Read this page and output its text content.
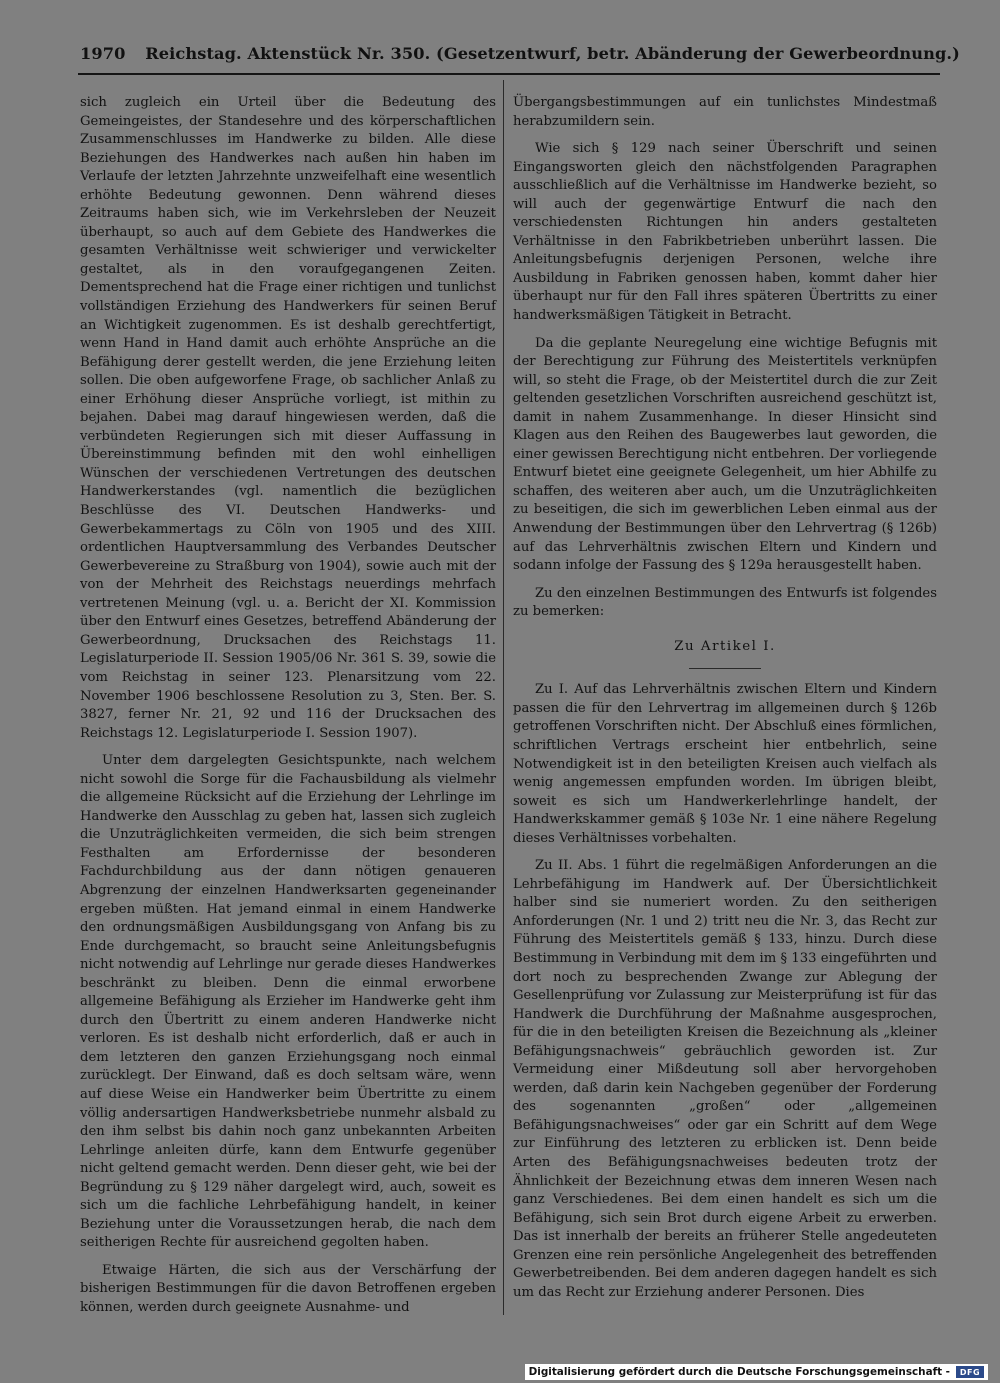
1970 Reichstag. Aktenstück Nr. 350. (Gesetzentwurf, betr. Abänderung der Gewerbeordnung.)

sich zugleich ein Urteil über die Bedeutung des Gemeingeistes, der Standesehre und des körperschaftlichen Zusammenschlusses im Handwerke zu bilden. Alle diese Beziehungen des Handwerkes nach außen hin haben im Verlaufe der letzten Jahrzehnte unzweifelhaft eine wesentlich erhöhte Bedeutung gewonnen. Denn während dieses Zeitraums haben sich, wie im Verkehrsleben der Neuzeit überhaupt, so auch auf dem Gebiete des Handwerkes die gesamten Verhältnisse weit schwieriger und verwickelter gestaltet, als in den voraufgegangenen Zeiten. Dementsprechend hat die Frage einer richtigen und tunlichst vollständigen Erziehung des Handwerkers für seinen Beruf an Wichtigkeit zugenommen. Es ist deshalb gerechtfertigt, wenn Hand in Hand damit auch erhöhte Ansprüche an die Befähigung derer gestellt werden, die jene Erziehung leiten sollen. Die oben aufgeworfene Frage, ob sachlicher Anlaß zu einer Erhöhung dieser Ansprüche vorliegt, ist mithin zu bejahen. Dabei mag darauf hingewiesen werden, daß die verbündeten Regierungen sich mit dieser Auffassung in Übereinstimmung befinden mit den wohl einhelligen Wünschen der verschiedenen Vertretungen des deutschen Handwerkerstandes (vgl. namentlich die bezüglichen Beschlüsse des VI. Deutschen Handwerks- und Gewerbekammertags zu Cöln von 1905 und des XIII. ordentlichen Hauptversammlung des Verbandes Deutscher Gewerbevereine zu Straßburg von 1904), sowie auch mit der von der Mehrheit des Reichstags neuerdings mehrfach vertretenen Meinung (vgl. u. a. Bericht der XI. Kommission über den Entwurf eines Gesetzes, betreffend Abänderung der Gewerbeordnung, Drucksachen des Reichstags 11. Legislaturperiode II. Session 1905/06 Nr. 361 S. 39, sowie die vom Reichstag in seiner 123. Plenarsitzung vom 22. November 1906 beschlossene Resolution zu 3, Sten. Ber. S. 3827, ferner Nr. 21, 92 und 116 der Drucksachen des Reichstags 12. Legislaturperiode I. Session 1907).

Unter dem dargelegten Gesichtspunkte, nach welchem nicht sowohl die Sorge für die Fachausbildung als vielmehr die allgemeine Rücksicht auf die Erziehung der Lehrlinge im Handwerke den Ausschlag zu geben hat, lassen sich zugleich die Unzuträglichkeiten vermeiden, die sich beim strengen Festhalten am Erfordernisse der besonderen Fachdurchbildung aus der dann nötigen genaueren Abgrenzung der einzelnen Handwerksarten gegeneinander ergeben müßten. Hat jemand einmal in einem Handwerke den ordnungsmäßigen Ausbildungsgang von Anfang bis zu Ende durchgemacht, so braucht seine Anleitungsbefugnis nicht notwendig auf Lehrlinge nur gerade dieses Handwerkes beschränkt zu bleiben. Denn die einmal erworbene allgemeine Befähigung als Erzieher im Handwerke geht ihm durch den Übertritt zu einem anderen Handwerke nicht verloren. Es ist deshalb nicht erforderlich, daß er auch in dem letzteren den ganzen Erziehungsgang noch einmal zurücklegt. Der Einwand, daß es doch seltsam wäre, wenn auf diese Weise ein Handwerker beim Übertritte zu einem völlig andersartigen Handwerksbetriebe nunmehr alsbald zu den ihm selbst bis dahin noch ganz unbekannten Arbeiten Lehrlinge anleiten dürfe, kann dem Entwurfe gegenüber nicht geltend gemacht werden. Denn dieser geht, wie bei der Begründung zu § 129 näher dargelegt wird, auch, soweit es sich um die fachliche Lehrbefähigung handelt, in keiner Beziehung unter die Voraussetzungen herab, die nach dem seitherigen Rechte für ausreichend gegolten haben.

Etwaige Härten, die sich aus der Verschärfung der bisherigen Bestimmungen für die davon Betroffenen ergeben können, werden durch geeignete Ausnahme- und

Übergangsbestimmungen auf ein tunlichstes Mindestmaß herabzumildern sein.

Wie sich § 129 nach seiner Überschrift und seinen Eingangsworten gleich den nächstfolgenden Paragraphen ausschließlich auf die Verhältnisse im Handwerke bezieht, so will auch der gegenwärtige Entwurf die nach den verschiedensten Richtungen hin anders gestalteten Verhältnisse in den Fabrikbetrieben unberührt lassen. Die Anleitungsbefugnis derjenigen Personen, welche ihre Ausbildung in Fabriken genossen haben, kommt daher hier überhaupt nur für den Fall ihres späteren Übertritts zu einer handwerksmäßigen Tätigkeit in Betracht.

Da die geplante Neuregelung eine wichtige Befugnis mit der Berechtigung zur Führung des Meistertitels verknüpfen will, so steht die Frage, ob der Meistertitel durch die zur Zeit geltenden gesetzlichen Vorschriften ausreichend geschützt ist, damit in nahem Zusammenhange. In dieser Hinsicht sind Klagen aus den Reihen des Baugewerbes laut geworden, die einer gewissen Berechtigung nicht entbehren. Der vorliegende Entwurf bietet eine geeignete Gelegenheit, um hier Abhilfe zu schaffen, des weiteren aber auch, um die Unzuträglichkeiten zu beseitigen, die sich im gewerblichen Leben einmal aus der Anwendung der Bestimmungen über den Lehrvertrag (§ 126b) auf das Lehrverhältnis zwischen Eltern und Kindern und sodann infolge der Fassung des § 129a herausgestellt haben.

Zu den einzelnen Bestimmungen des Entwurfs ist folgendes zu bemerken:

Zu Artikel I.

Zu I. Auf das Lehrverhältnis zwischen Eltern und Kindern passen die für den Lehrvertrag im allgemeinen durch § 126b getroffenen Vorschriften nicht. Der Abschluß eines förmlichen, schriftlichen Vertrags erscheint hier entbehrlich, seine Notwendigkeit ist in den beteiligten Kreisen auch vielfach als wenig angemessen empfunden worden. Im übrigen bleibt, soweit es sich um Handwerkerlehrlinge handelt, der Handwerkskammer gemäß § 103e Nr. 1 eine nähere Regelung dieses Verhältnisses vorbehalten.

Zu II. Abs. 1 führt die regelmäßigen Anforderungen an die Lehrbefähigung im Handwerk auf. Der Übersichtlichkeit halber sind sie numeriert worden. Zu den seitherigen Anforderungen (Nr. 1 und 2) tritt neu die Nr. 3, das Recht zur Führung des Meistertitels gemäß § 133, hinzu. Durch diese Bestimmung in Verbindung mit dem im § 133 eingeführten und dort noch zu besprechenden Zwange zur Ablegung der Gesellenprüfung vor Zulassung zur Meisterprüfung ist für das Handwerk die Durchführung der Maßnahme ausgesprochen, für die in den beteiligten Kreisen die Bezeichnung als „kleiner Befähigungsnachweis“ gebräuchlich geworden ist. Zur Vermeidung einer Mißdeutung soll aber hervorgehoben werden, daß darin kein Nachgeben gegenüber der Forderung des sogenannten „großen“ oder „allgemeinen Befähigungsnachweises“ oder gar ein Schritt auf dem Wege zur Einführung des letzteren zu erblicken ist. Denn beide Arten des Befähigungsnachweises bedeuten trotz der Ähnlichkeit der Bezeichnung etwas dem inneren Wesen nach ganz Verschiedenes. Bei dem einen handelt es sich um die Befähigung, sich sein Brot durch eigene Arbeit zu erwerben. Das ist innerhalb der bereits an früherer Stelle angedeuteten Grenzen eine rein persönliche Angelegenheit des betreffenden Gewerbetreibenden. Bei dem anderen dagegen handelt es sich um das Recht zur Erziehung anderer Personen. Dies

Digitalisierung gefördert durch die Deutsche Forschungsgemeinschaft -	DFG
